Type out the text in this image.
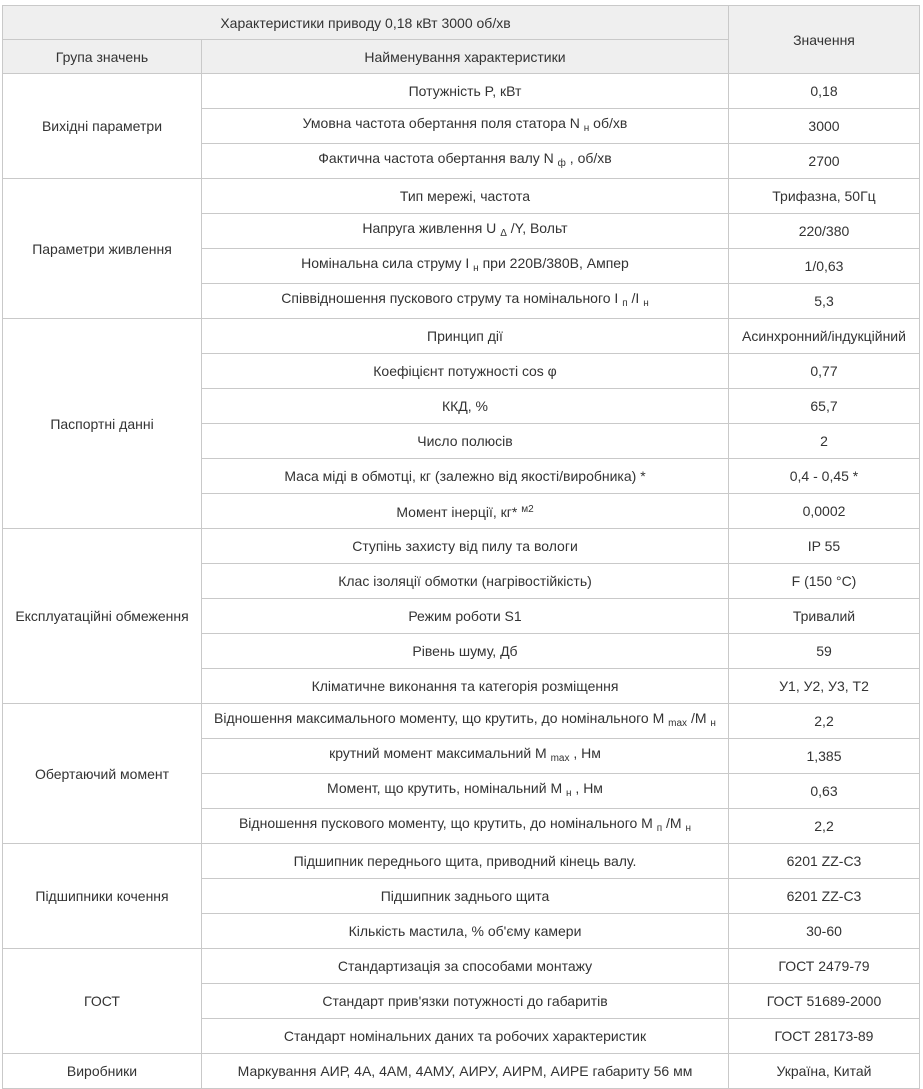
Характеристики приводу 0,18 кВт 3000 об/хв		Значення
Група значень	Найменування характеристики	
Вихідні параметри	Потужність P, кВт	0,18
	Умовна частота обертання поля статора N $_н$ об/хв	3000
	Фактична частота обертання валу N $_ф$ , об/хв	2700
Параметри живлення	Тип мережі, частота	Трифазна, 50Гц
	Напруга живлення U $_\Delta$ /Y, Вольт	220/380
	Номінальна сила струму I $_н$ при 220В/380В, Ампер	1/0,63
	Співвідношення пускового струму та номінального I $_п$ /I $_н$	5,3
Паспортні данні	Принцип дії	Асинхронний/індукційний
	Коефіцієнт потужності cos φ	0,77
	ККД, %	65,7
	Число полюсів	2
	Маса міді в обмотці, кг (залежно від якості/виробника) *	0,4 - 0,45 *
	Момент інерції, кг* $^{м2}$	0,0002
Експлуатаційні обмеження	Ступінь захисту від пилу та вологи	IP 55
	Клас ізоляції обмотки (нагрівостійкість)	F (150 °C)
	Режим роботи S1	Тривалий
	Рівень шуму, Дб	59
	Кліматичне виконання та категорія розміщення	У1, У2, У3, Т2
Обертаючий момент	Відношення максимального моменту, що крутить, до номінального M $_{max}$ /M $_н$	2,2
	крутний момент максимальний M $_{max}$ , Нм	1,385
	Момент, що крутить, номінальний M $_н$ , Нм	0,63
	Відношення пускового моменту, що крутить, до номінального M $_п$ /M $_н$	2,2
Підшипники кочення	Підшипник переднього щита, приводний кінець валу.	6201 ZZ-C3
	Підшипник заднього щита	6201 ZZ-C3
	Кількість мастила, % об'єму камери	30-60
ГОСТ	Стандартизація за способами монтажу	ГОСТ 2479-79
	Стандарт прив'язки потужності до габаритів	ГОСТ 51689-2000
	Стандарт номінальних даних та робочих характеристик	ГОСТ 28173-89
Виробники	Маркування АИР, 4А, 4АМ, 4АМУ, АИРУ, АИРМ, АИРЕ габариту 56 мм	Україна, Китай
